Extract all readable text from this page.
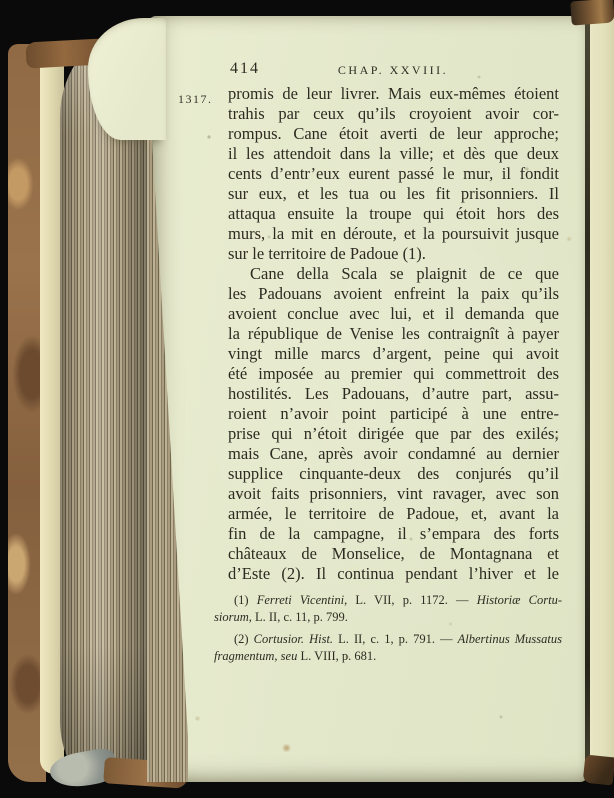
414	CHAP. XXVIII.
1317. promis de leur livrer. Mais eux-mêmes étoient
trahis par ceux qu’ils croyoient avoir cor-
rompus. Cane étoit averti de leur approche;
il les attendoit dans la ville; et dès que deux
cents d’entr’eux eurent passé le mur, il fondit
sur eux, et les tua ou les fit prisonniers. Il
attaqua ensuite la troupe qui étoit hors des
murs, la mit en déroute, et la poursuivit jusque
sur le territoire de Padoue (1).
Cane della Scala se plaignit de ce que
les Padouans avoient enfreint la paix qu’ils
avoient conclue avec lui, et il demanda que
la république de Venise les contraignît à payer
vingt mille marcs d’argent, peine qui avoit
été imposée au premier qui commettroit des
hostilités. Les Padouans, d’autre part, assu-
roient n’avoir point participé à une entre-
prise qui n’étoit dirigée que par des exilés;
mais Cane, après avoir condamné au dernier
supplice cinquante-deux des conjurés qu’il
avoit faits prisonniers, vint ravager, avec son
armée, le territoire de Padoue, et, avant la
fin de la campagne, il s’empara des forts
châteaux de Monselice, de Montagnana et
d’Este (2). Il continua pendant l’hiver et le
(1) Ferreti Vicentini, L. VII, p. 1172. — Historiæ Cortu-
siorum, L. II, c. 11, p. 799.
(2) Cortusior. Hist. L. II, c. 1, p. 791. — Albertinus Mussatus
fragmentum, seu L. VIII, p. 681.
